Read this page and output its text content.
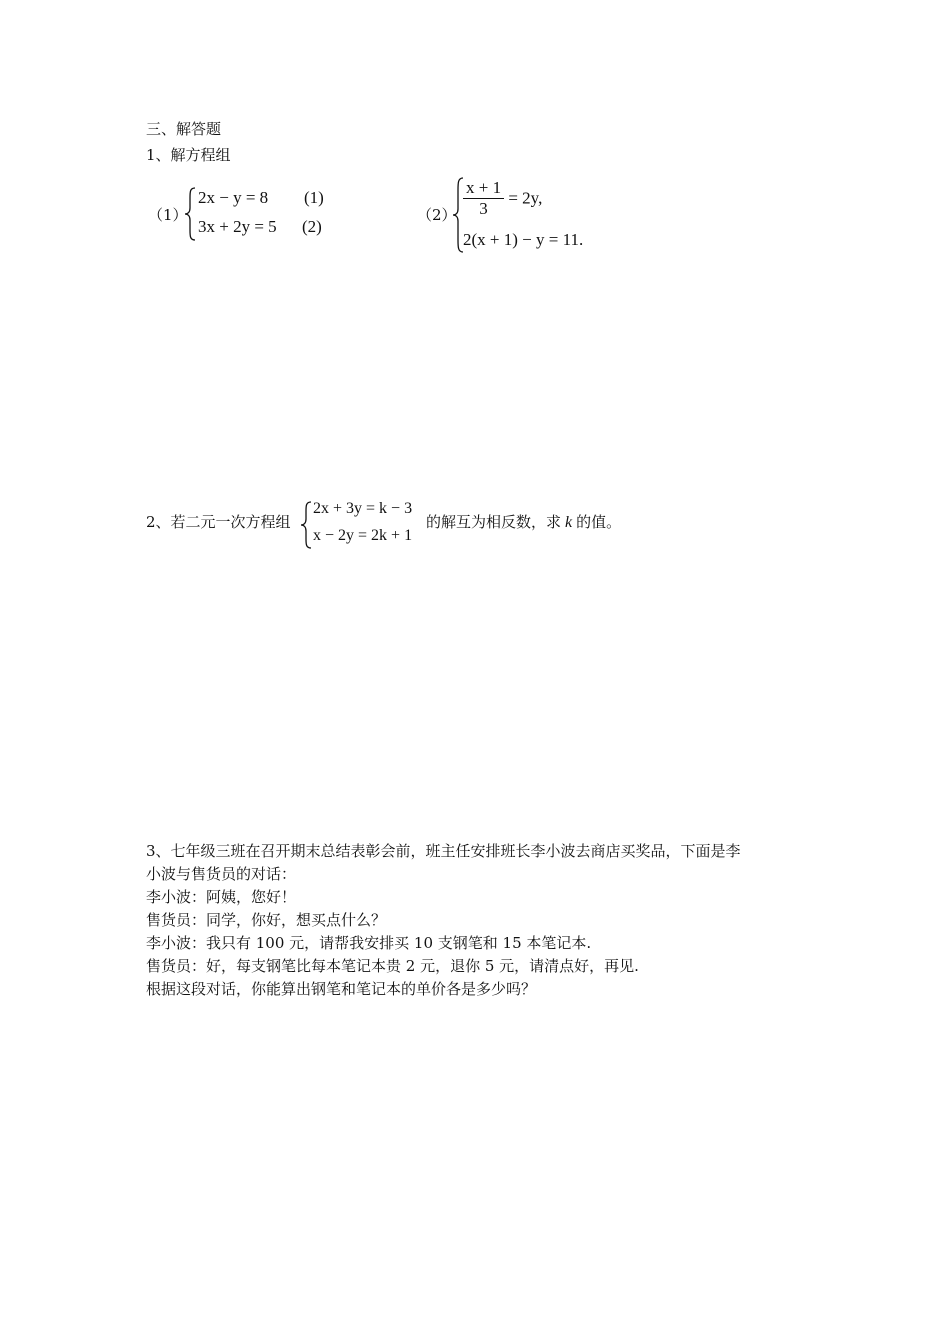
三、解答题
1、解方程组
（1）
2x − y = 8 (1)
3x + 2y = 5 (2)
$(2) \frac{x + 1}{3} = 2y$,
2(x + 1) − y = 11.
2、若二元一次方程组
2x + 3y = k − 3
x − 2y = 2k + 1
的解互为相反数，求 k 的值。
3、七年级三班在召开期末总结表彰会前，班主任安排班长李小波去商店买奖品，下面是李
小波与售货员的对话：
李小波：阿姨，您好！
售货员：同学，你好，想买点什么？
李小波：我只有 100 元，请帮我安排买 10 支钢笔和 15 本笔记本.
售货员：好，每支钢笔比每本笔记本贵 2 元，退你 5 元，请清点好，再见.
根据这段对话，你能算出钢笔和笔记本的单价各是多少吗？
